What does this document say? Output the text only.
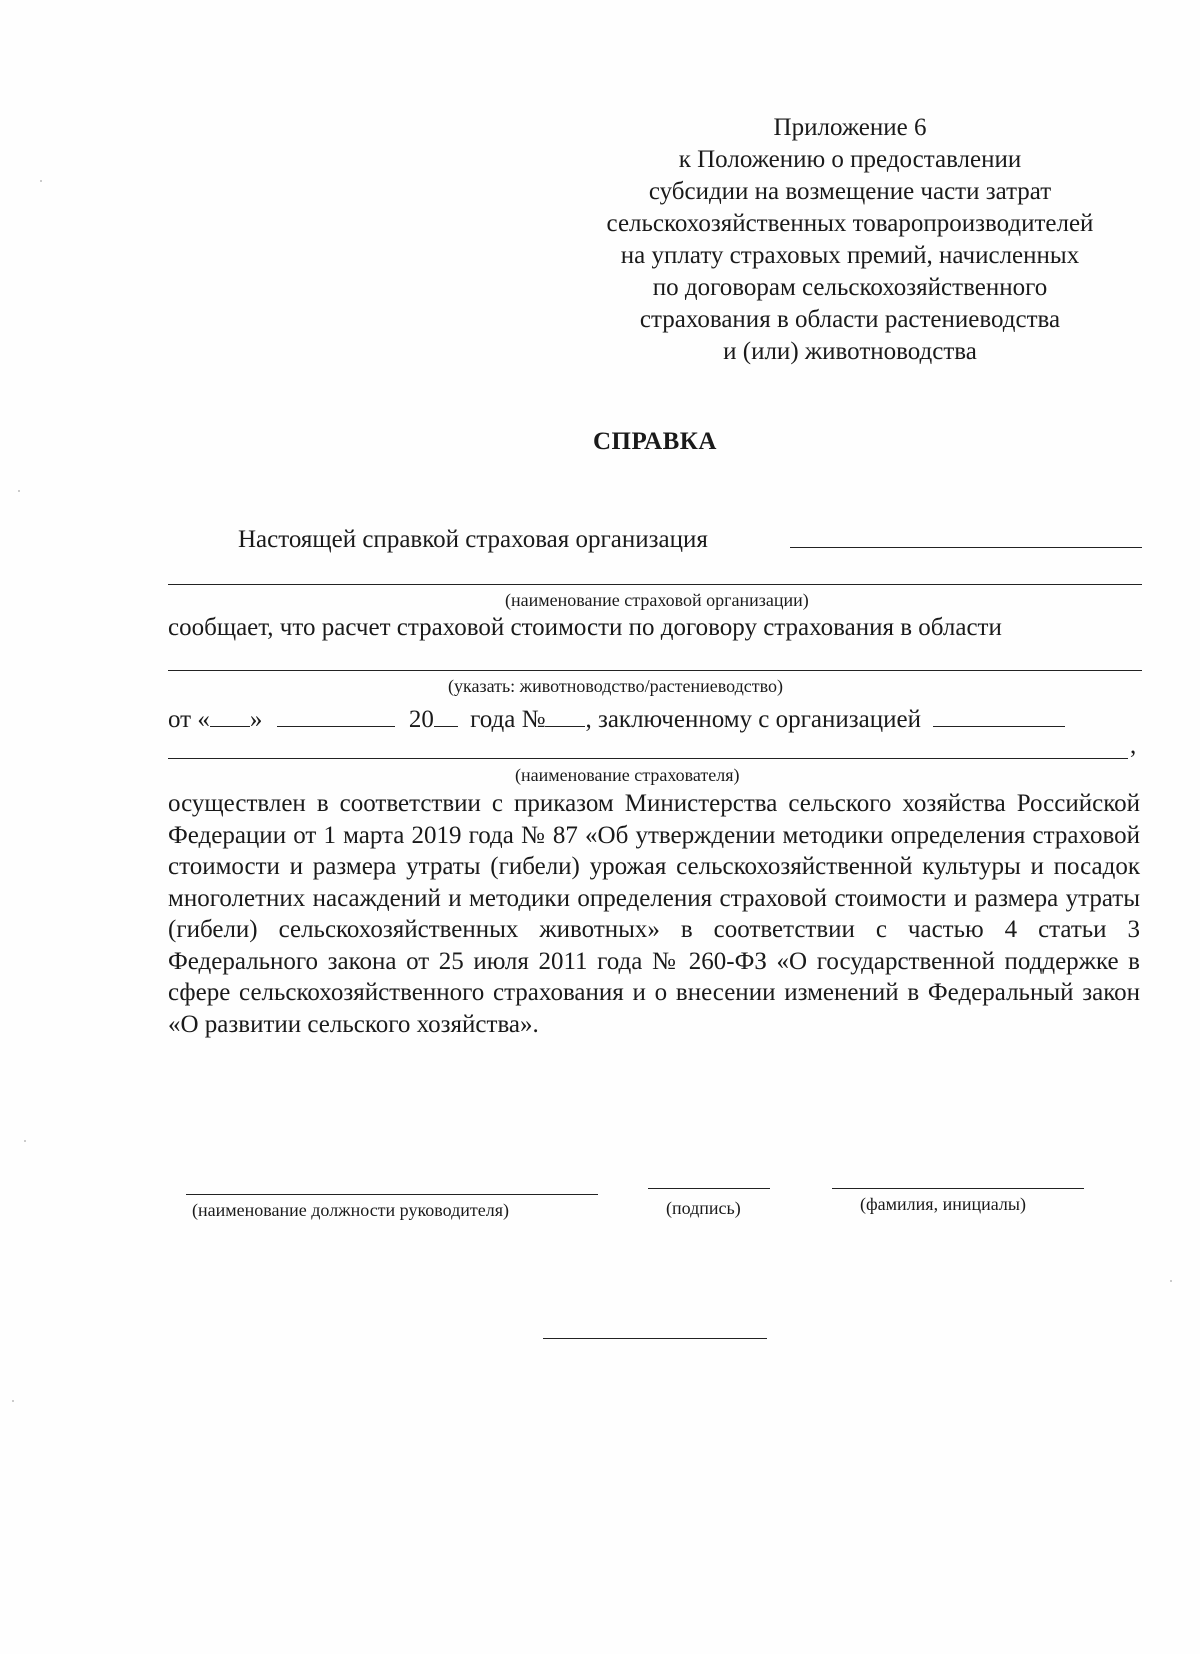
Приложение 6
к Положению о предоставлении
субсидии на возмещение части затрат
сельскохозяйственных товаропроизводителей
на уплату страховых премий, начисленных
по договорам сельскохозяйственного
страхования в области растениеводства
и (или) животноводства
СПРАВКА
Настоящей справкой страховая организация
(наименование страховой организации)
сообщает, что расчет страховой стоимости по договору страхования в области
(указать: животноводство/растениеводство)
от « »	20 года № , заключенному с организацией
,
(наименование страхователя)
осуществлен в соответствии с приказом Министерства сельского хозяйства Российской Федерации от 1 марта 2019 года № 87 «Об утверждении методики определения страховой стоимости и размера утраты (гибели) урожая сельскохозяйственной культуры и посадок многолетних насаждений и методики определения страховой стоимости и размера утраты (гибели) сельскохозяйственных животных» в соответствии с частью 4 статьи 3 Федерального закона от 25 июля 2011 года № 260-ФЗ «О государственной поддержке в сфере сельскохозяйственного страхования и о внесении изменений в Федеральный закон «О развитии сельского хозяйства».
(наименование должности руководителя)	(подпись)	(фамилия, инициалы)
